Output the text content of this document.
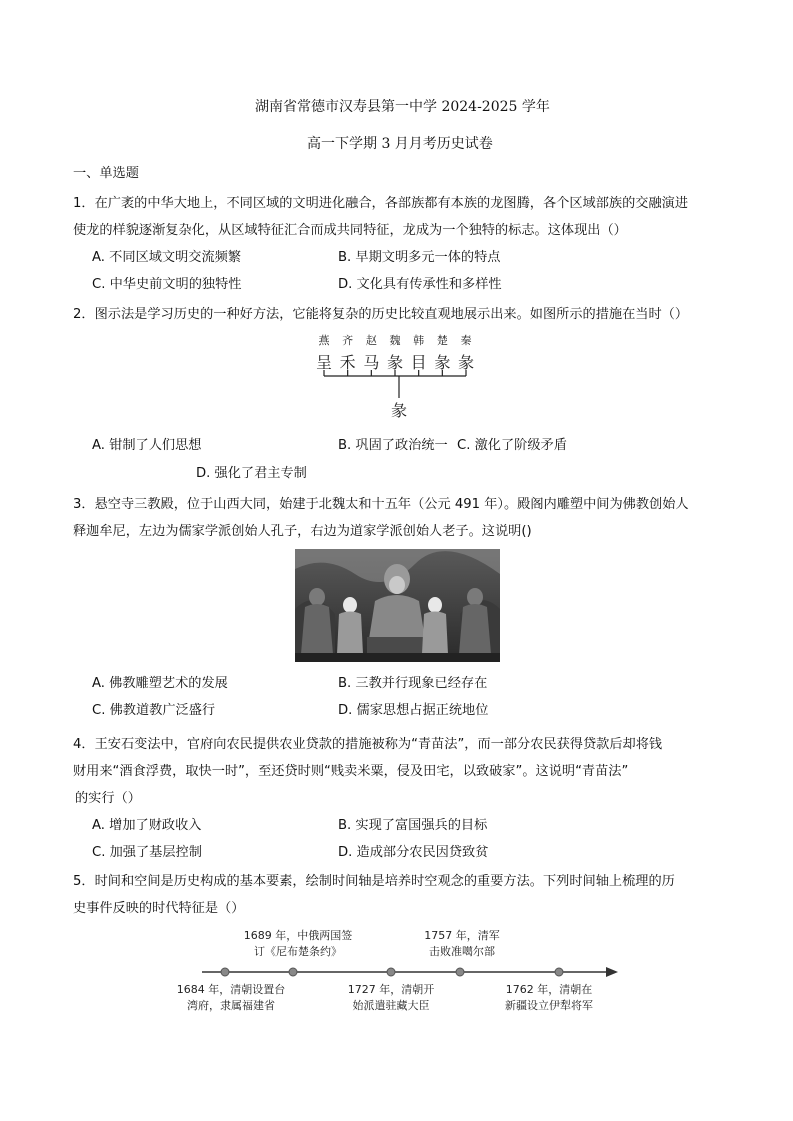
湖南省常德市汉寿县第一中学 2024-2025 学年
高一下学期 3 月月考历史试卷
一、单选题
1．在广袤的中华大地上，不同区域的文明进化融合，各部族都有本族的龙图腾，各个区域部族的交融演进
使龙的样貌逐渐复杂化，从区域特征汇合而成共同特征，龙成为一个独特的标志。这体现出（）
A. 不同区域文明交流频繁	B. 早期文明多元一体的特点
C. 中华史前文明的独特性	D. 文化具有传承性和多样性
2．图示法是学习历史的一种好方法，它能将复杂的历史比较直观地展示出来。如图所示的措施在当时（）
燕 齐 赵 魏 韩 楚 秦
呈 禾 马 彖 目 彖 彖
彖
A. 钳制了人们思想	B. 巩固了政治统一 C. 激化了阶级矛盾
D. 强化了君主专制
3．悬空寺三教殿，位于山西大同，始建于北魏太和十五年（公元 491 年）。殿阁内雕塑中间为佛教创始人
释迦牟尼，左边为儒家学派创始人孔子，右边为道家学派创始人老子。这说明()
A. 佛教雕塑艺术的发展	B. 三教并行现象已经存在
C. 佛教道教广泛盛行	D. 儒家思想占据正统地位
4．王安石变法中，官府向农民提供农业贷款的措施被称为“青苗法”，而一部分农民获得贷款后却将钱
财用来“酒食浮费，取快一时”，至还贷时则“贱卖米粟，侵及田宅，以致破家”。这说明“青苗法”
的实行（）
A. 增加了财政收入	B. 实现了富国强兵的目标
C. 加强了基层控制	D. 造成部分农民因贷致贫
5．时间和空间是历史构成的基本要素，绘制时间轴是培养时空观念的重要方法。下列时间轴上梳理的历
史事件反映的时代特征是（）
1689 年，中俄两国签
订《尼布楚条约》
1757 年，清军
击败准噶尔部
1684 年，清朝设置台
湾府，隶属福建省
1727 年，清朝开
始派遣驻藏大臣
1762 年，清朝在
新疆设立伊犁将军
